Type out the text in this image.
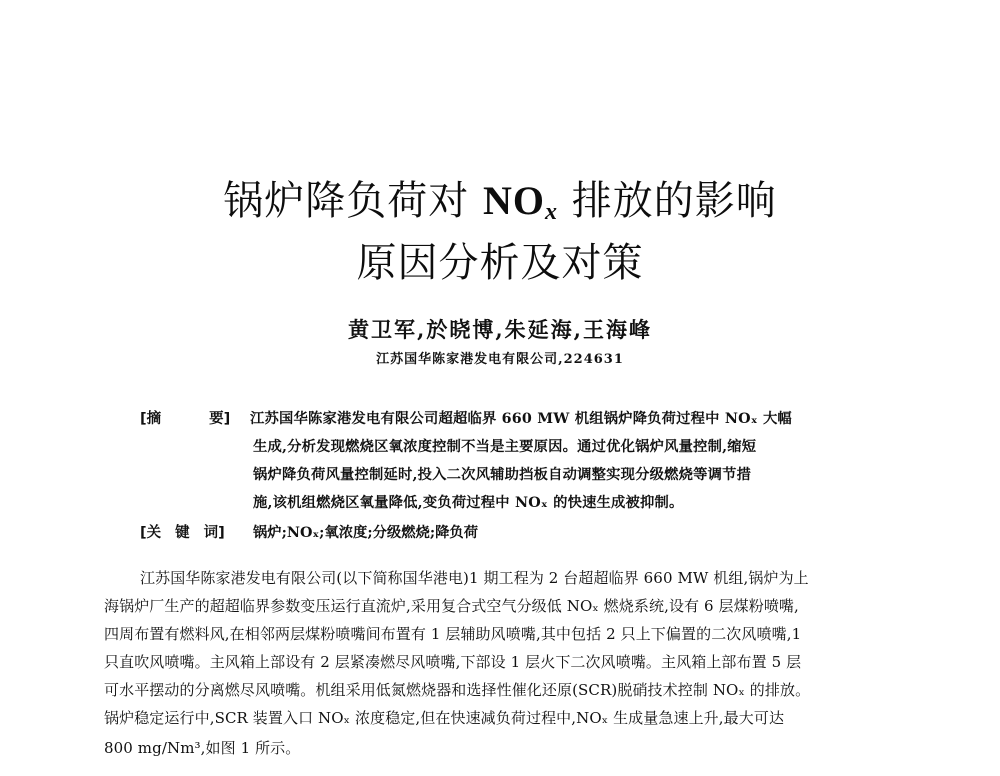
锅炉降负荷对 $NO_x$ 排放的影响
原因分析及对策
黄卫军,於晓博,朱延海,王海峰
江苏国华陈家港发电有限公司,224631
[摘	要] 江苏国华陈家港发电有限公司超超临界 660 MW 机组锅炉降负荷过程中 NOₓ 大幅
生成,分析发现燃烧区氧浓度控制不当是主要原因。通过优化锅炉风量控制,缩短
锅炉降负荷风量控制延时,投入二次风辅助挡板自动调整实现分级燃烧等调节措
施,该机组燃烧区氧量降低,变负荷过程中 NOₓ 的快速生成被抑制。
[关 键 词] 锅炉;NOₓ;氧浓度;分级燃烧;降负荷
江苏国华陈家港发电有限公司(以下简称国华港电)1 期工程为 2 台超超临界 660 MW 机组,锅炉为上
海锅炉厂生产的超超临界参数变压运行直流炉,采用复合式空气分级低 NOₓ 燃烧系统,设有 6 层煤粉喷嘴,
四周布置有燃料风,在相邻两层煤粉喷嘴间布置有 1 层辅助风喷嘴,其中包括 2 只上下偏置的二次风喷嘴,1
只直吹风喷嘴。主风箱上部设有 2 层紧凑燃尽风喷嘴,下部设 1 层火下二次风喷嘴。主风箱上部布置 5 层
可水平摆动的分离燃尽风喷嘴。机组采用低氮燃烧器和选择性催化还原(SCR)脱硝技术控制 NOₓ 的排放。
锅炉稳定运行中,SCR 装置入口 NOₓ 浓度稳定,但在快速减负荷过程中,NOₓ 生成量急速上升,最大可达
800 mg/Nm³,如图 1 所示。
